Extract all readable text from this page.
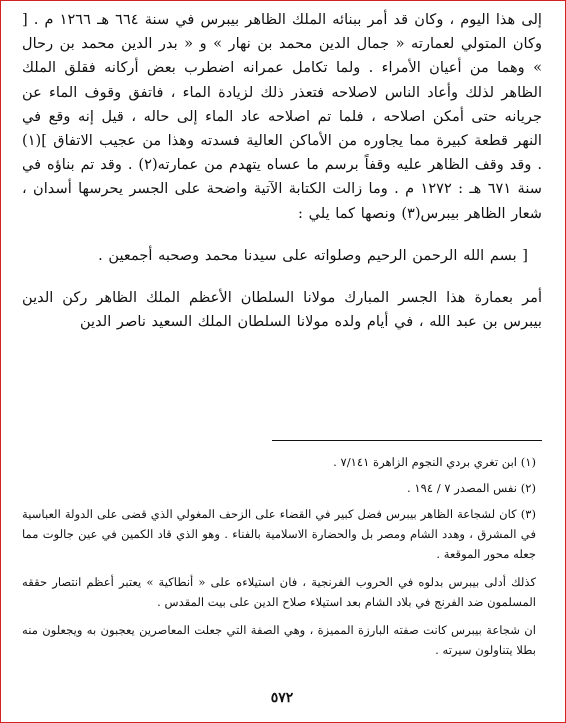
إلى هذا اليوم ، وكان قد أمر ببنائه الملك الظاهر بيبرس في سنة ٦٦٤ هـ ١٢٦٦ م . [ وكان المتولي لعمارته « جمال الدين محمد بن نهار » و « بدر الدين محمد بن رحال » وهما من أعيان الأمراء . ولما تكامل عمرانه اضطرب بعض أركانه فقلق الملك الظاهر لذلك وأعاد الناس لاصلاحه فتعذر ذلك لزيادة الماء ، فاتفق وقوف الماء عن جريانه حتى أمكن اصلاحه ، فلما تم اصلاحه عاد الماء إلى حاله ، قيل إنه وقع في النهر قطعة كبيرة مما يجاوره من الأماكن العالية فسدته وهذا من عجيب الاتفاق ](١) . وقد وقف الظاهر عليه وقفاً برسم ما عساه يتهدم من عمارته(٢) . وقد تم بناؤه في سنة ٦٧١ هـ : ١٢٧٢ م . وما زالت الكتابة الآتية واضحة على الجسر يحرسها أسدان ، شعار الظاهر بيبرس(٣) ونصها كما يلي :

[ بسم الله الرحمن الرحيم وصلواته على سيدنا محمد وصحبه أجمعين .

أمر بعمارة هذا الجسر المبارك مولانا السلطان الأعظم الملك الظاهر ركن الدين بيبرس بن عبد الله ، في أيام ولده مولانا السلطان الملك السعيد ناصر الدين

(١) ابن تغري بردي النجوم الزاهرة ٧/١٤١ .

(٢) نفس المصدر ٧ / ١٩٤ .

(٣) كان لشجاعة الظاهر بيبرس فضل كبير في القضاء على الزحف المغولي الذي قضى على الدولة العباسية في المشرق ، وهدد الشام ومصر بل والحضارة الاسلامية بالفناء . وهو الذي قاد الكمين في عين جالوت مما جعله محور الموقعة .

كذلك أدلى بيبرس بدلوه في الحروب الفرنجية ، فان استيلاءه على « أنطاكية » يعتبر أعظم انتصار حققه المسلمون ضد الفرنج في بلاد الشام بعد استيلاء صلاح الدين على بيت المقدس .

ان شجاعة بيبرس كانت صفته البارزة المميزة ، وهي الصفة التي جعلت المعاصرين يعجبون به ويجعلون منه بطلا يتناولون سيرته .

٥٧٢
